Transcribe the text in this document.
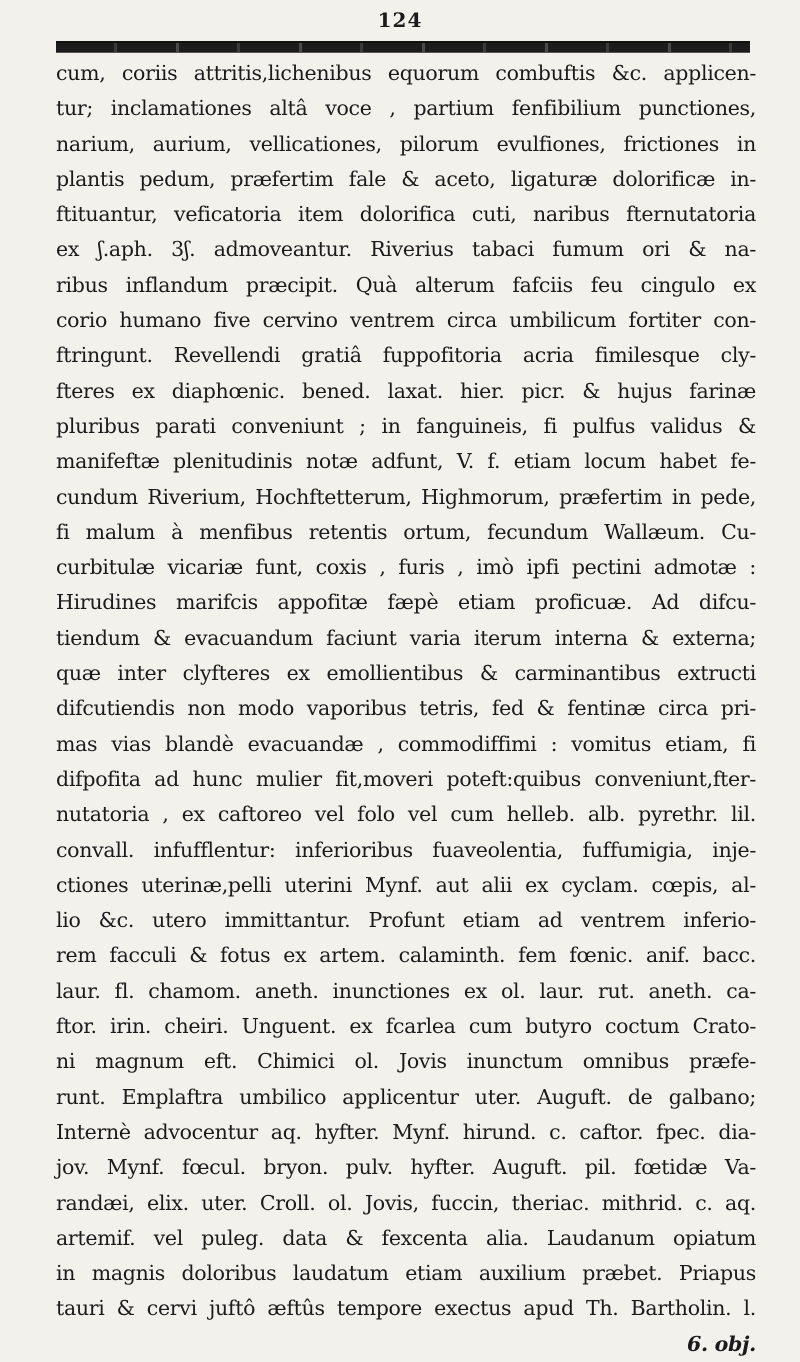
124
cum, coriis attritis,lichenibus equorum combuftis &c. applicen-
tur; inclamationes altâ voce , partium fenfibilium punctiones,
narium, aurium, vellicationes, pilorum evulfiones, frictiones in
plantis pedum, præfertim fale & aceto, ligaturæ dolorificæ in-
ftituantur, veficatoria item dolorifica cuti, naribus fternutatoria
ex ʃ.aph. 3ʃ. admoveantur. Riverius tabaci fumum ori & na-
ribus inflandum præcipit. Quà alterum fafciis feu cingulo ex
corio humano five cervino ventrem circa umbilicum fortiter con-
ftringunt. Revellendi gratiâ fuppofitoria acria fimilesque cly-
fteres ex diaphœnic. bened. laxat. hier. picr. & hujus farinæ
pluribus parati conveniunt ; in fanguineis, fi pulfus validus &
manifeftæ plenitudinis notæ adfunt, V. f. etiam locum habet fe-
cundum Riverium, Hochftetterum, Highmorum, præfertim in pede,
fi malum à menfibus retentis ortum, fecundum Wallæum. Cu-
curbitulæ vicariæ funt, coxis , furis , imò ipfi pectini admotæ :
Hirudines marifcis appofitæ fæpè etiam proficuæ. Ad difcu-
tiendum & evacuandum faciunt varia iterum interna & externa;
quæ inter clyfteres ex emollientibus & carminantibus extructi
difcutiendis non modo vaporibus tetris, fed & fentinæ circa pri-
mas vias blandè evacuandæ , commodiffimi : vomitus etiam, fi
difpofita ad hunc mulier fit,moveri poteft:quibus conveniunt,fter-
nutatoria , ex caftoreo vel folo vel cum helleb. alb. pyrethr. lil.
convall. infufflentur: inferioribus fuaveolentia, fuffumigia, inje-
ctiones uterinæ,pelli uterini Mynf. aut alii ex cyclam. cœpis, al-
lio &c. utero immittantur. Profunt etiam ad ventrem inferio-
rem facculi & fotus ex artem. calaminth. fem fœnic. anif. bacc.
laur. fl. chamom. aneth. inunctiones ex ol. laur. rut. aneth. ca-
ftor. irin. cheiri. Unguent. ex fcarlea cum butyro coctum Crato-
ni magnum eft. Chimici ol. Jovis inunctum omnibus præfe-
runt. Emplaftra umbilico applicentur uter. Auguft. de galbano;
Internè advocentur aq. hyfter. Mynf. hirund. c. caftor. fpec. dia-
jov. Mynf. fœcul. bryon. pulv. hyfter. Auguft. pil. fœtidæ Va-
randæi, elix. uter. Croll. ol. Jovis, fuccin, theriac. mithrid. c. aq.
artemif. vel puleg. data & fexcenta alia. Laudanum opiatum
in magnis doloribus laudatum etiam auxilium præbet. Priapus
tauri & cervi juftô æftûs tempore exectus apud Th. Bartholin. l.
6. obj.
